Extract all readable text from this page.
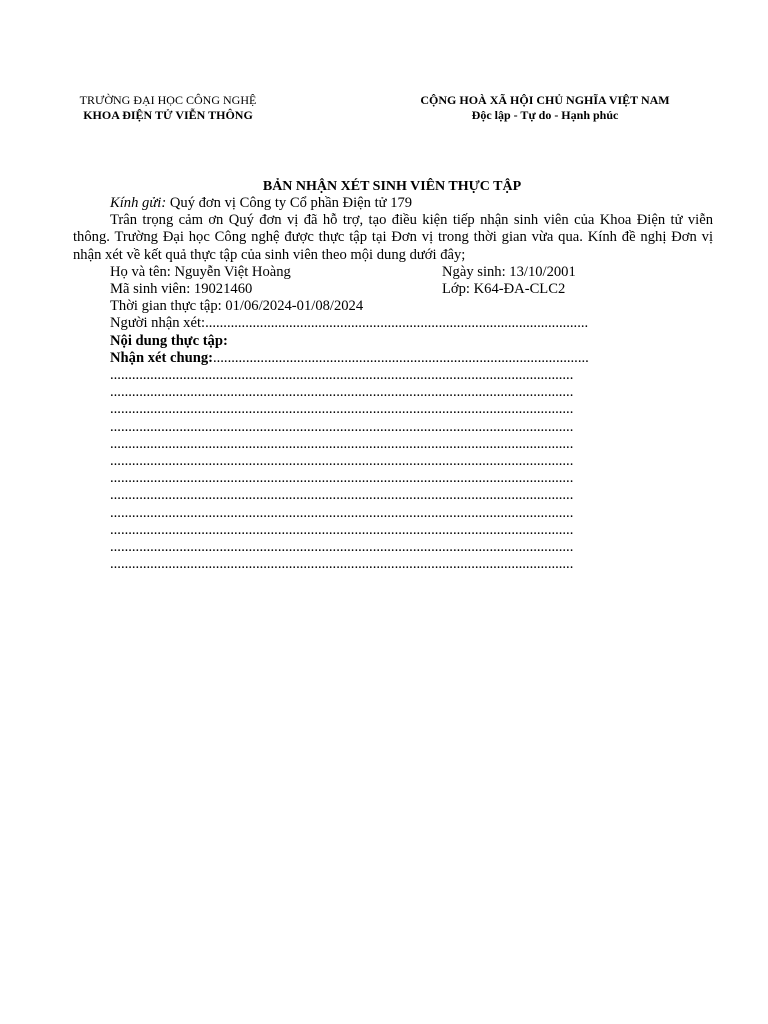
TRƯỜNG ĐẠI HỌC CÔNG NGHỆ
KHOA ĐIỆN TỬ VIỄN THÔNG
CỘNG HOÀ XÃ HỘI CHỦ NGHĨA VIỆT NAM
Độc lập - Tự do - Hạnh phúc
BẢN NHẬN XÉT SINH VIÊN THỰC TẬP
Kính gửi: Quý đơn vị Công ty Cổ phần Điện tử 179
Trân trọng cảm ơn Quý đơn vị đã hỗ trợ, tạo điều kiện tiếp nhận sinh viên của Khoa Điện tử viễn thông. Trường Đại học Công nghệ được thực tập tại Đơn vị trong thời gian vừa qua. Kính đề nghị Đơn vị nhận xét về kết quả thực tập của sinh viên theo mội dung dưới đây;
Họ và tên: Nguyễn Việt Hoàng	Ngày sinh: 13/10/2001
Mã sinh viên: 19021460	Lớp: K64-ĐA-CLC2
Thời gian thực tập: 01/06/2024-01/08/2024
Người nhận xét:.........................................................................................................
Nội dung thực tập:
Nhận xét chung:.......................................................................................................
...............................................................................................................................
...............................................................................................................................
...............................................................................................................................
...............................................................................................................................
...............................................................................................................................
...............................................................................................................................
...............................................................................................................................
...............................................................................................................................
...............................................................................................................................
...............................................................................................................................
...............................................................................................................................
...............................................................................................................................
